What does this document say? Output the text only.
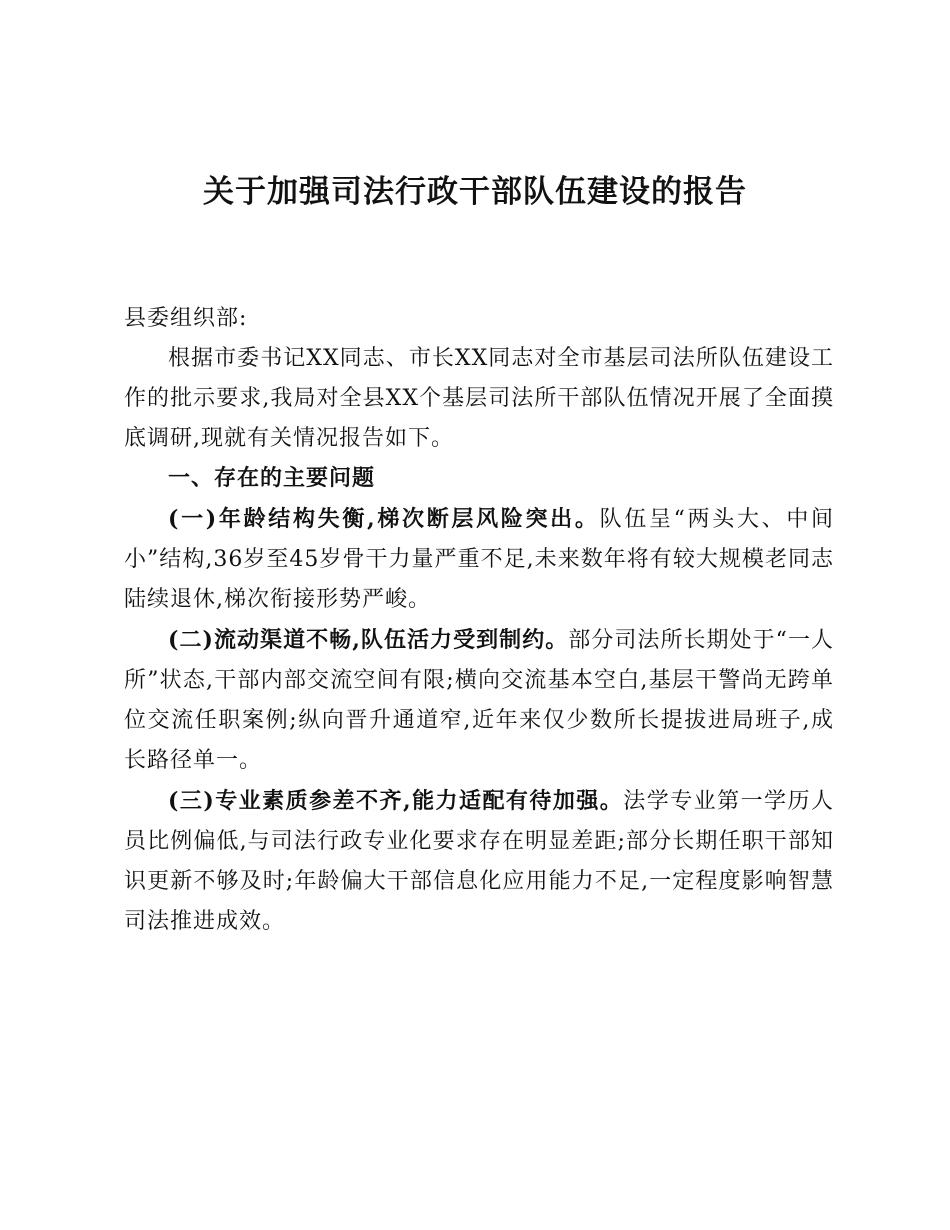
关于加强司法行政干部队伍建设的报告

县委组织部:

根据市委书记XX同志、市长XX同志对全市基层司法所队伍建设工作的批示要求,我局对全县XX个基层司法所干部队伍情况开展了全面摸底调研,现就有关情况报告如下。

一、存在的主要问题

(一)年龄结构失衡,梯次断层风险突出。队伍呈“两头大、中间小”结构,36岁至45岁骨干力量严重不足,未来数年将有较大规模老同志陆续退休,梯次衔接形势严峻。

(二)流动渠道不畅,队伍活力受到制约。部分司法所长期处于“一人所”状态,干部内部交流空间有限;横向交流基本空白,基层干警尚无跨单位交流任职案例;纵向晋升通道窄,近年来仅少数所长提拔进局班子,成长路径单一。

(三)专业素质参差不齐,能力适配有待加强。法学专业第一学历人员比例偏低,与司法行政专业化要求存在明显差距;部分长期任职干部知识更新不够及时;年龄偏大干部信息化应用能力不足,一定程度影响智慧司法推进成效。
